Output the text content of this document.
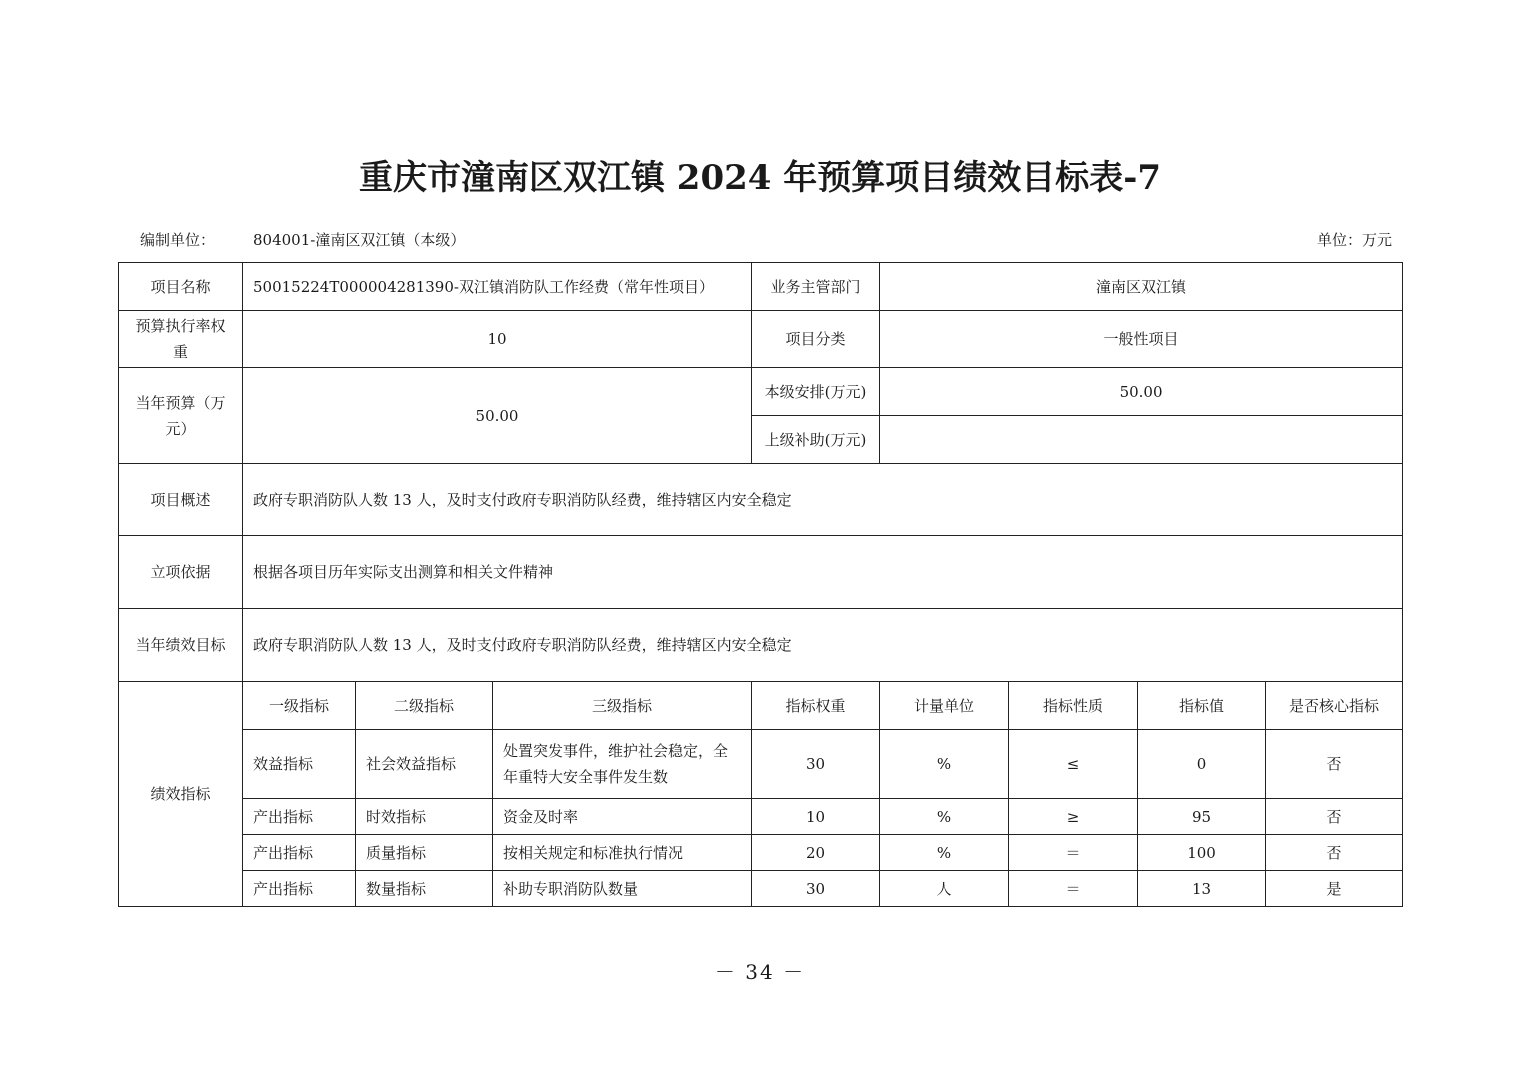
重庆市潼南区双江镇 2024 年预算项目绩效目标表-7
编制单位：	804001-潼南区双江镇（本级）	单位：万元
项目名称	50015224T000004281390-双江镇消防队工作经费（常年性项目）			业务主管部门	潼南区双江镇			
预算执行率权重	10			项目分类	一般性项目			
当年预算（万元）	50.00			本级安排(万元)	50.00			
				上级补助(万元)				
项目概述	政府专职消防队人数 13 人，及时支付政府专职消防队经费，维持辖区内安全稳定							
立项依据	根据各项目历年实际支出测算和相关文件精神							
当年绩效目标	政府专职消防队人数 13 人，及时支付政府专职消防队经费，维持辖区内安全稳定							
绩效指标	一级指标	二级指标	三级指标	指标权重	计量单位	指标性质	指标值	是否核心指标
	效益指标	社会效益指标	处置突发事件，维护社会稳定，全年重特大安全事件发生数	30	%	≤	0	否
	产出指标	时效指标	资金及时率	10	%	≥	95	否
	产出指标	质量指标	按相关规定和标准执行情况	20	%	＝	100	否
	产出指标	数量指标	补助专职消防队数量	30	人	＝	13	是
－ 34 －
